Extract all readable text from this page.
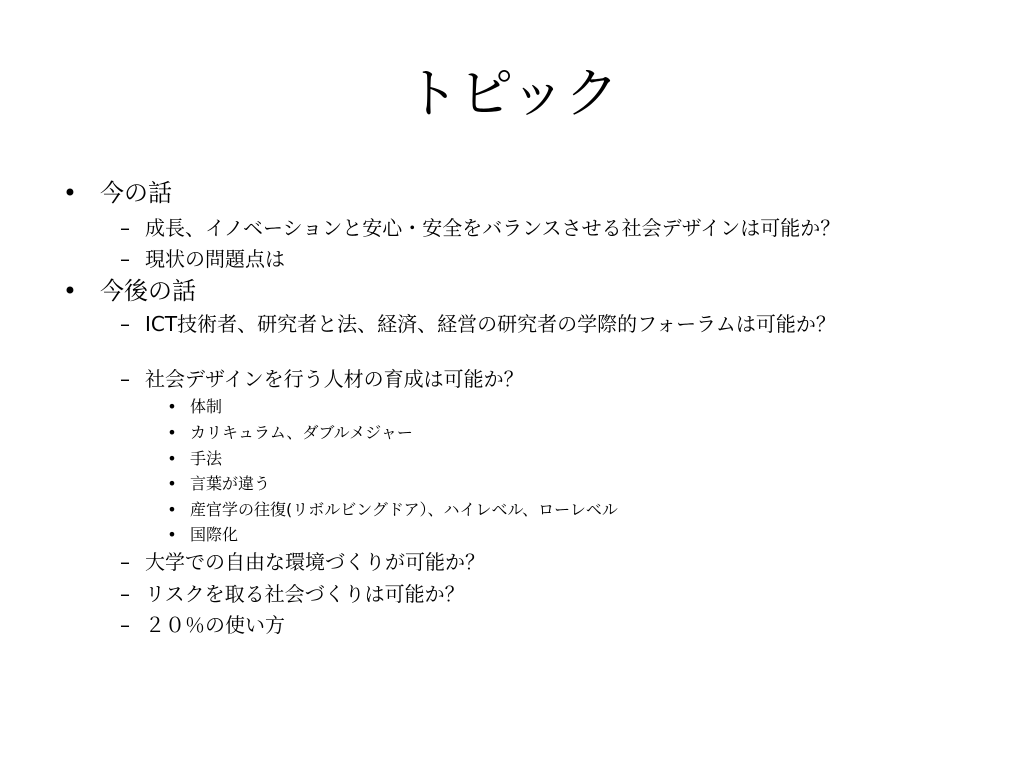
トピック
• 今の話
– 成長、イノベーションと安心・安全をバランスさせる社会デザインは可能か？
– 現状の問題点は
• 今後の話
– ICT技術者、研究者と法、経済、経営の研究者の学際的フォーラムは可能か？
– 社会デザインを行う人材の育成は可能か？
• 体制
• カリキュラム、ダブルメジャー
• 手法
• 言葉が違う
• 産官学の往復(リボルビングドア）、ハイレベル、ローレベル
• 国際化
– 大学での自由な環境づくりが可能か？
– リスクを取る社会づくりは可能か？
– ２０％の使い方
